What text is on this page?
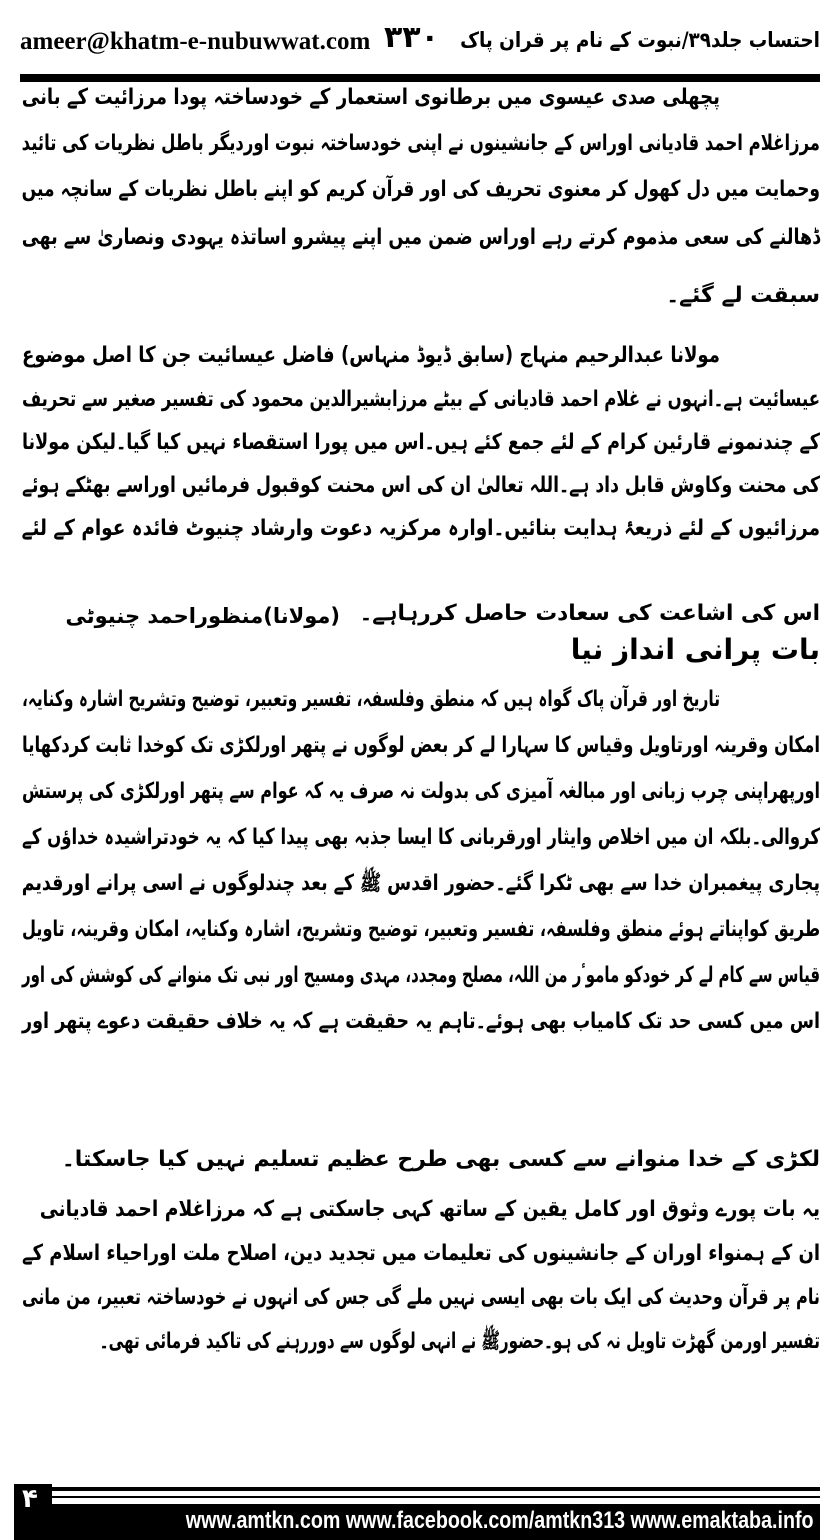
ameer@khatm-e-nubuwwat.com ۳۳۰ احتساب جلد۳۹/نبوت کے نام پر قران پاک
پچھلی صدی عیسوی میں برطانوی استعمار کے خودساختہ پودا مرزائیت کے بانی
مرزاغلام احمد قادیانی اوراس کے جانشینوں نے اپنی خودساختہ نبوت اوردیگر باطل نظریات کی تائید
وحمایت میں دل کھول کر معنوی تحریف کی اور قرآن کریم کو اپنے باطل نظریات کے سانچہ میں
ڈھالنے کی سعی مذموم کرتے رہے اوراس ضمن میں اپنے پیشرو اساتذہ یہودی ونصاریٰ سے بھی
سبقت لے گئے۔
مولانا عبدالرحیم منہاج (سابق ڈیوڈ منہاس) فاضل عیسائیت جن کا اصل موضوع
عیسائیت ہے۔انہوں نے غلام احمد قادیانی کے بیٹے مرزابشیرالدین محمود کی تفسیر صغیر سے تحریف
کے چندنمونے قارئین کرام کے لئے جمع کئے ہیں۔اس میں پورا استقصاء نہیں کیا گیا۔لیکن مولانا
کی محنت وکاوش قابل داد ہے۔اللہ تعالیٰ ان کی اس محنت کوقبول فرمائیں اوراسے بھٹکے ہوئے
مرزائیوں کے لئے ذریعۂ ہدایت بنائیں۔اوارہ مرکزیہ دعوت وارشاد چنیوٹ فائدہ عوام کے لئے
اس کی اشاعت کی سعادت حاصل کررہاہے۔
(مولانا)منظوراحمد چنیوٹی
بات پرانی انداز نیا
تاریخ اور قرآن پاک گواہ ہیں کہ منطق وفلسفہ، تفسیر وتعبیر، توضیح وتشریح اشارہ وکنایہ،
امکان وقرینہ اورتاویل وقیاس کا سہارا لے کر بعض لوگوں نے پتھر اورلکڑی تک کوخدا ثابت کردکھایا
اورپھراپنی چرب زبانی اور مبالغہ آمیزی کی بدولت نہ صرف یہ کہ عوام سے پتھر اورلکڑی کی پرستش
کروالی۔بلکہ ان میں اخلاص وایثار اورقربانی کا ایسا جذبہ بھی پیدا کیا کہ یہ خودتراشیدہ خداؤں کے
پجاری پیغمبران خدا سے بھی ٹکرا گئے۔حضور اقدس ﷺ کے بعد چندلوگوں نے اسی پرانے اورقدیم
طریق کواپناتے ہوئے منطق وفلسفہ، تفسیر وتعبیر، توضیح وتشریح، اشارہ وکنایہ، امکان وقرینہ، تاویل
قیاس سے کام لے کر خودکو ماموٴر من اللہ، مصلح ومجدد، مہدی ومسیح اور نبی تک منوانے کی کوشش کی اور
اس میں کسی حد تک کامیاب بھی ہوئے۔تاہم یہ حقیقت ہے کہ یہ خلاف حقیقت دعوے پتھر اور
لکڑی کے خدا منوانے سے کسی بھی طرح عظیم تسلیم نہیں کیا جاسکتا۔
یہ بات پورے وثوق اور کامل یقین کے ساتھ کہی جاسکتی ہے کہ مرزاغلام احمد قادیانی
ان کے ہمنواء اوران کے جانشینوں کی تعلیمات میں تجدید دین، اصلاح ملت اوراحیاء اسلام کے
نام پر قرآن وحدیث کی ایک بات بھی ایسی نہیں ملے گی جس کی انہوں نے خودساختہ تعبیر، من مانی
تفسیر اورمن گھڑت تاویل نہ کی ہو۔حضورﷺ نے انہی لوگوں سے دوررہنے کی تاکید فرمائی تھی۔
۴
www.amtkn.com www.facebook.com/amtkn313 www.emaktaba.info
